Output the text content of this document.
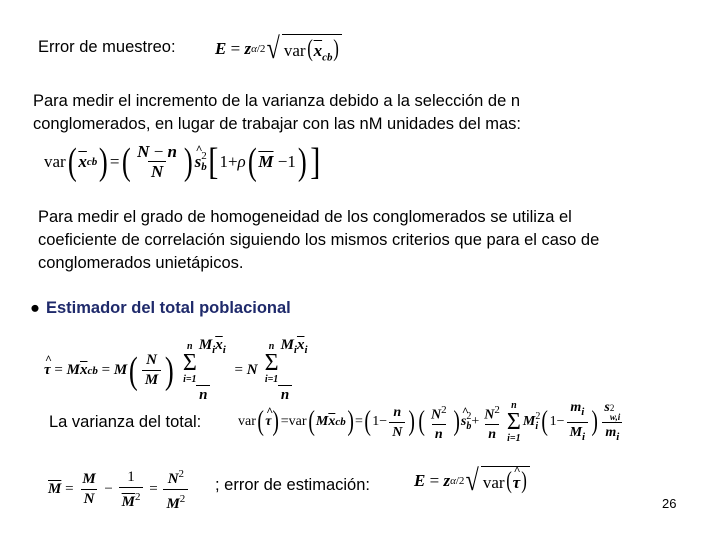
Error de muestreo: E = z α/2 √ $var(\overline{x}_{cb})$
Para medir el incremento de la varianza debido a la selección de n
conglomerados, en lugar de trabajar con las nM unidades del mas:
var ( $\overline{x}$ cb ) = ( $\frac{N - n}{N}$ ) ^ s 2
b [ 1+ ρ ( $\overline{M} -1$ ) ]
Para medir el grado de homogeneidad de los conglomerados se utiliza el
coeficiente de correlación siguiendo los mismos criterios que para el caso de
conglomerados unietápicos.
● Estimador del total poblacional
^ τ = M $\overline{x}$ cb = M ( $\frac{N}{M}$ ) n
Σ
i=1
$M_i\overline{x}_i$
n = N n
Σ
i=1
$M_i\overline{x}_i$
n
La varianza del total:	var ( ^ τ ) =var ( M $\overline{x}$ cb ) = ( $1- \frac{n}{N}$ ) ( $\frac{N^2}{n}$ ) ^ s 2
$b + \frac{N^2}{n}$ n
Σ
i=1
M 2
i ( $1- \frac{m_i}{M_i}$ ) s 2
w,i
$m_i$
$\overline{M} = \frac{M}{N} - \frac{1}{\overline{M}^2} = \frac{N^2}{M^2}$ ; error de estimación:	E = z α/2 √ var(^ τ)
26
